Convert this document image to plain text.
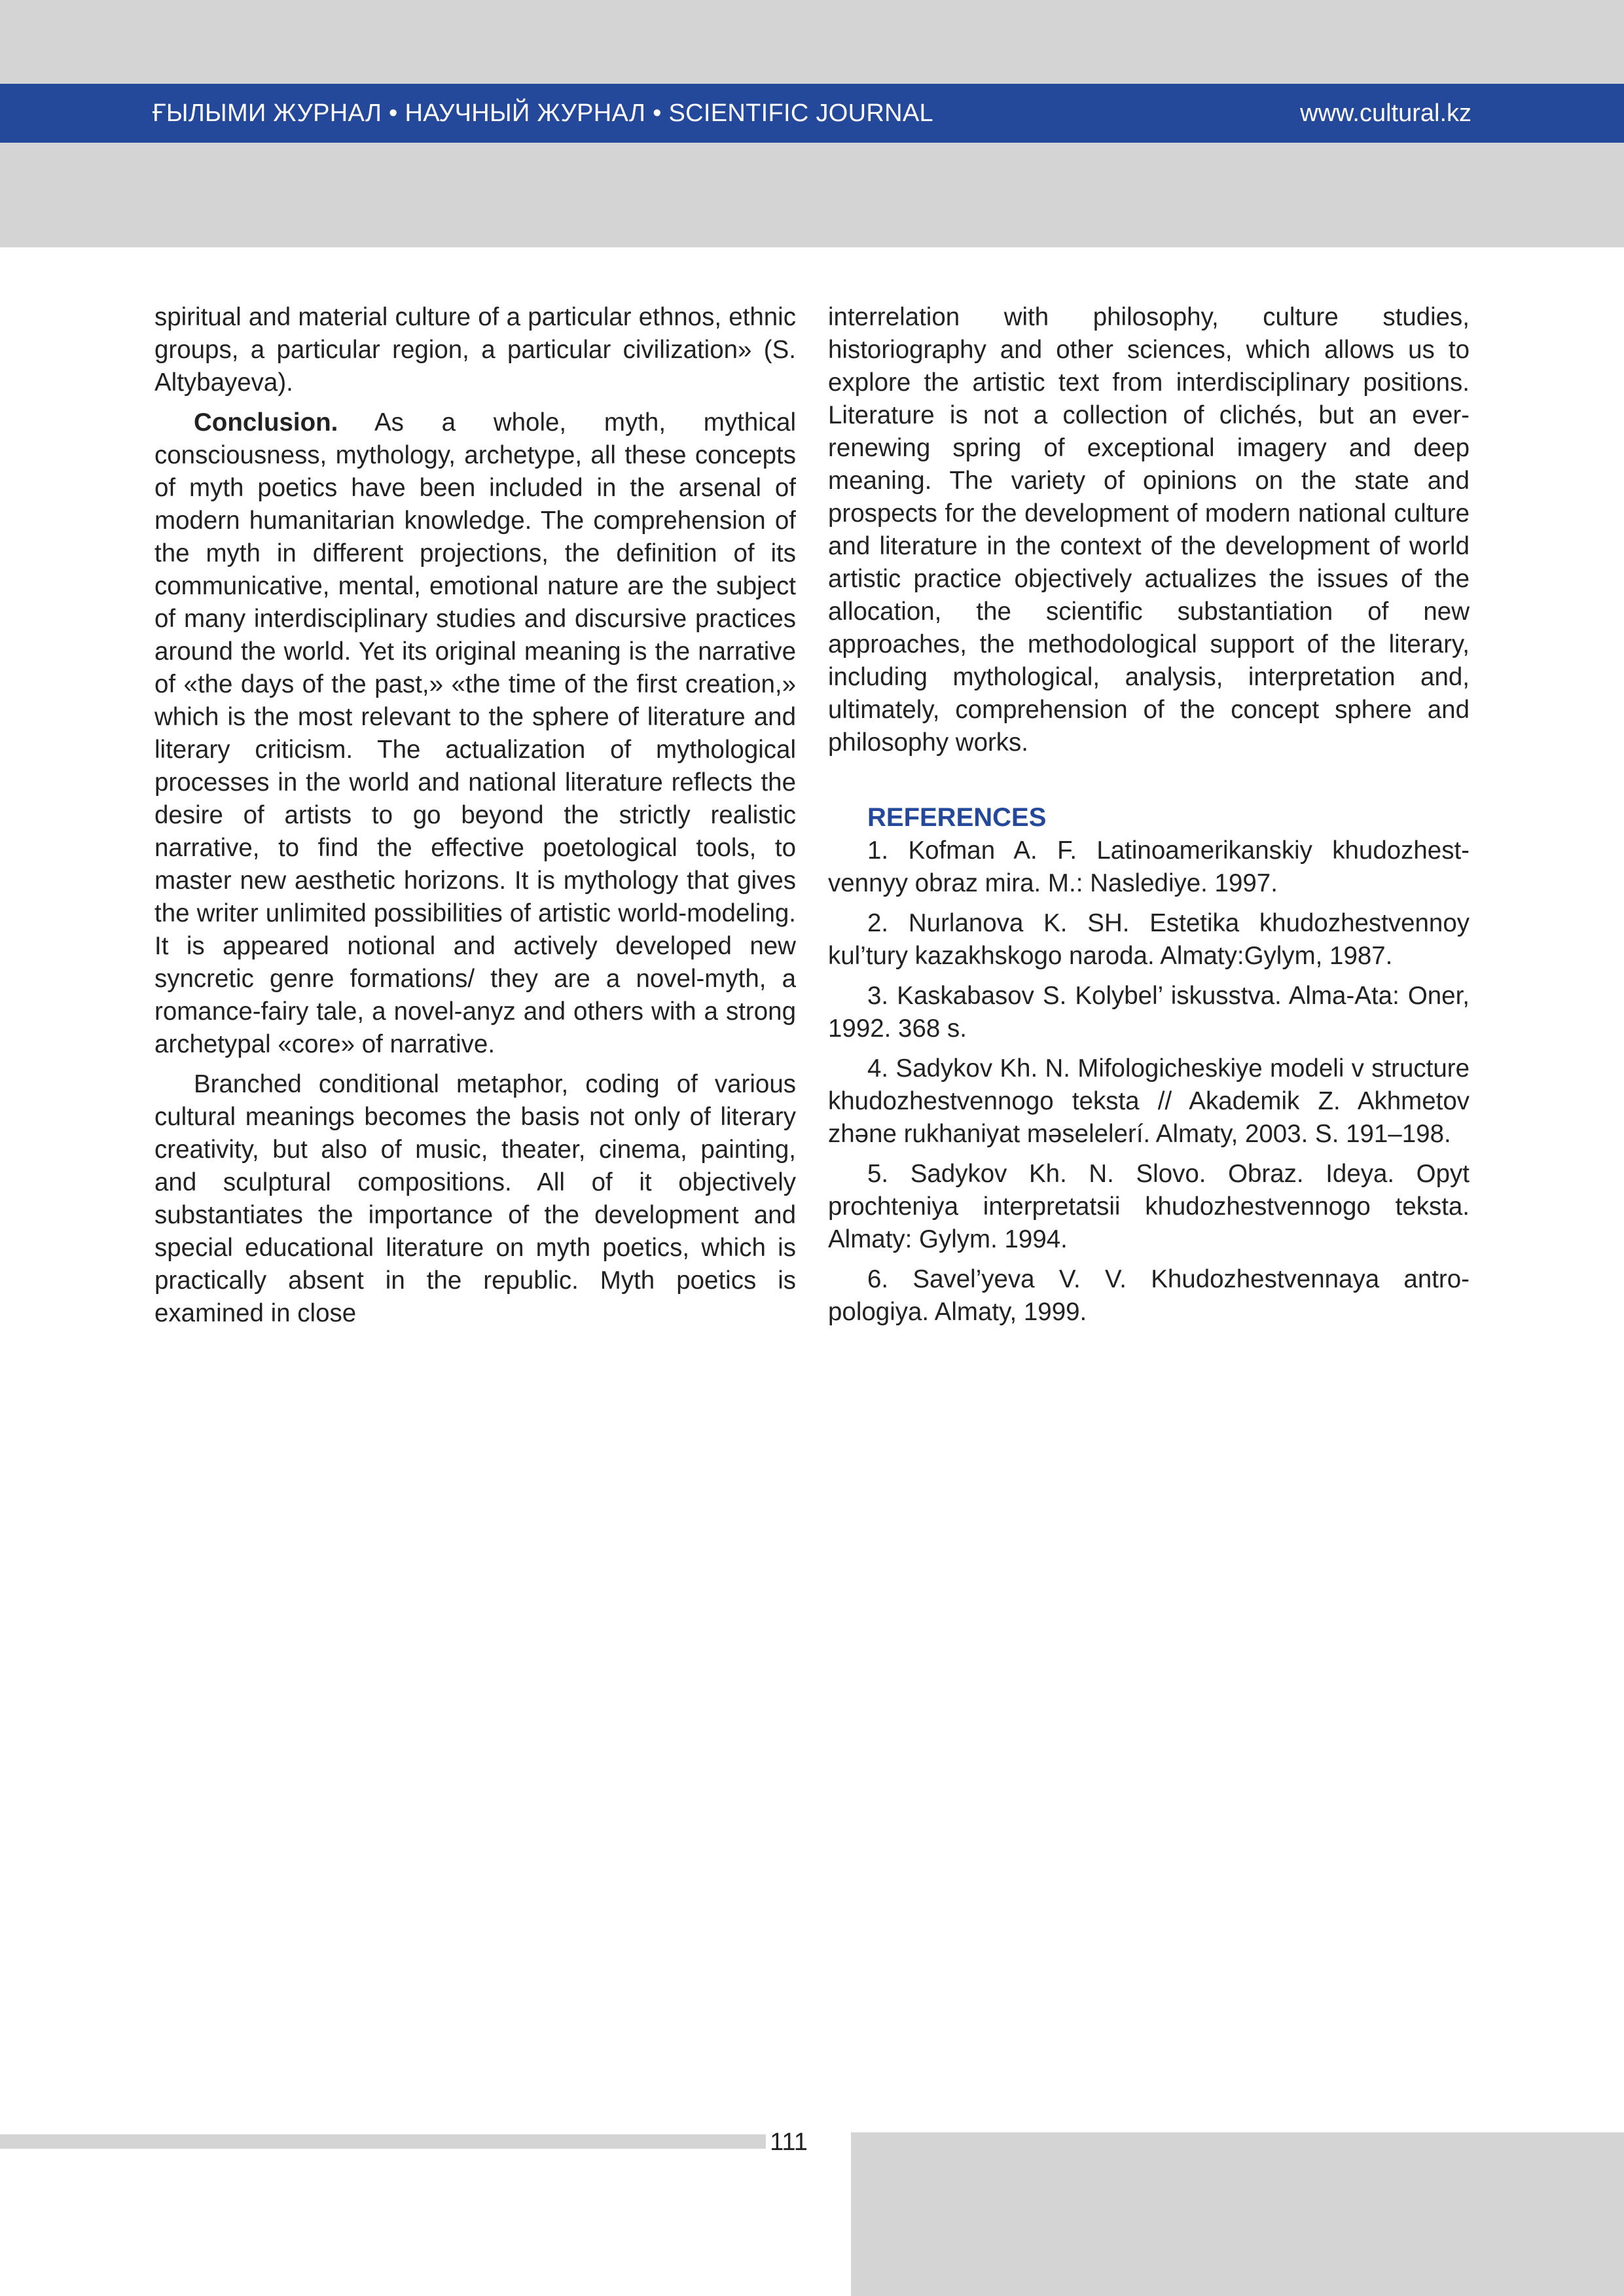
ҒЫЛЫМИ ЖУРНАЛ • НАУЧНЫЙ ЖУРНАЛ • SCIENTIFIC JOURNAL	www.cultural.kz

spiritual and material culture of a particular ethnos, ethnic groups, a particular region, a particular civilization» (S. Altybayeva).

Conclusion. As a whole, myth, mythical consciousness, mythology, archetype, all these concepts of myth poetics have been included in the arsenal of modern humanitarian knowledge. The comprehension of the myth in different projections, the definition of its communicative, mental, emotional nature are the subject of many interdisciplinary studies and discursive practices around the world. Yet its original meaning is the narrative of «the days of the past,» «the time of the first creation,» which is the most relevant to the sphere of literature and literary criticism. The actualization of mythological processes in the world and national literature reflects the desire of artists to go beyond the strictly realistic narrative, to find the effective poetological tools, to master new aesthetic horizons. It is mythology that gives the writer unlimited possibilities of artistic world-modeling. It is appeared notional and actively developed new syncretic genre formations/ they are a novel-myth, a romance-fairy tale, a novel-anyz and others with a strong archetypal «core» of narrative.

Branched conditional metaphor, coding of various cultural meanings becomes the basis not only of literary creativity, but also of music, theater, cinema, painting, and sculptural compositions. All of it objectively substantiates the importance of the development and special educational literature on myth poetics, which is practically absent in the republic. Myth poetics is examined in close

interrelation with philosophy, culture studies, historiography and other sciences, which allows us to explore the artistic text from interdisciplinary positions. Literature is not a collection of clichés, but an ever-renewing spring of exceptional imagery and deep meaning. The variety of opinions on the state and prospects for the development of modern national culture and literature in the context of the development of world artistic practice objectively actualizes the issues of the allocation, the scientific substantiation of new approaches, the methodological support of the literary, including mythological, analysis, interpretation and, ultimately, comprehension of the concept sphere and philosophy works.

REFERENCES

1. Kofman A. F. Latinoamerikanskiy khudozhest-vennyy obraz mira. M.: Naslediye. 1997.

2. Nurlanova K. SH. Estetika khudozhestvennoy kul’tury kazakhskogo naroda. Almaty:Gylym, 1987.

3. Kaskabasov S. Kolybel’ iskusstva. Alma-Ata: Oner, 1992. 368 s.

4. Sadykov Kh. N. Mifologicheskiye modeli v structure khudozhestvennogo teksta // Akademik Z. Akhmetov zhәne rukhaniyat mәselelerí. Almaty, 2003. S. 191–198.

5. Sadykov Kh. N. Slovo. Obraz. Ideya. Opyt prochteniya interpretatsii khudozhestvennogo teksta. Almaty: Gylym. 1994.

6. Savel’yeva V. V. Khudozhestvennaya antro-pologiya. Almaty, 1999.

111
